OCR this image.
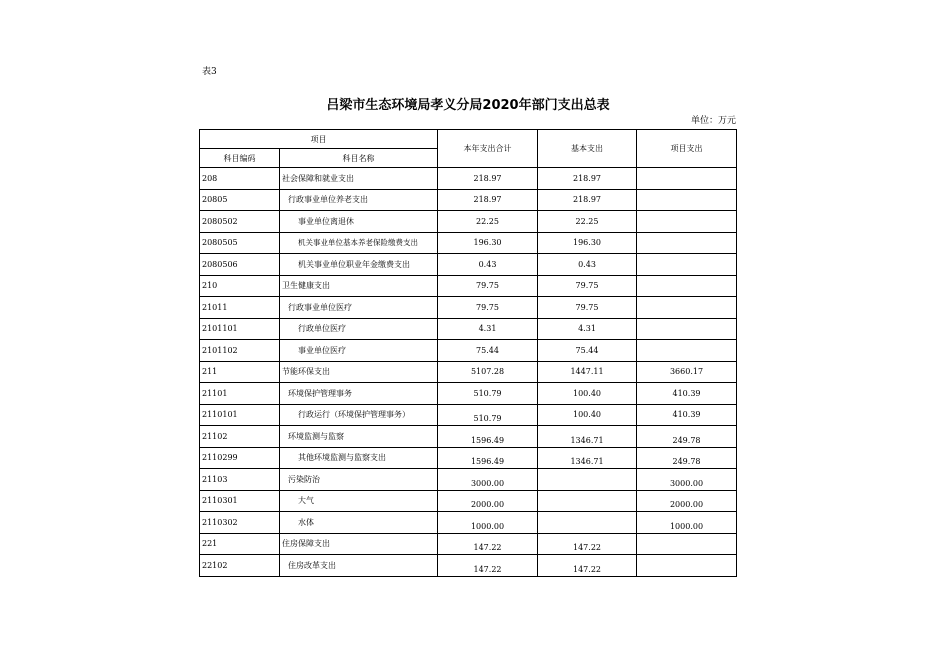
表3
吕梁市生态环境局孝义分局2020年部门支出总表
单位：万元
项目		本年支出合计	基本支出	项目支出
科目编码	科目名称			
208	社会保障和就业支出	218.97	218.97	
20805	行政事业单位养老支出	218.97	218.97	
2080502	事业单位离退休	22.25	22.25	
2080505	机关事业单位基本养老保险缴费支出	196.30	196.30	
2080506	机关事业单位职业年金缴费支出	0.43	0.43	
210	卫生健康支出	79.75	79.75	
21011	行政事业单位医疗	79.75	79.75	
2101101	行政单位医疗	4.31	4.31	
2101102	事业单位医疗	75.44	75.44	
211	节能环保支出	5107.28	1447.11	3660.17
21101	环境保护管理事务	510.79	100.40	410.39
2110101	行政运行（环境保护管理事务）	510.79	100.40	410.39
21102	环境监测与监察	1596.49	1346.71	249.78
2110299	其他环境监测与监察支出	1596.49	1346.71	249.78
21103	污染防治	3000.00		3000.00
2110301	大气	2000.00		2000.00
2110302	水体	1000.00		1000.00
221	住房保障支出	147.22	147.22	
22102	住房改革支出	147.22	147.22	
